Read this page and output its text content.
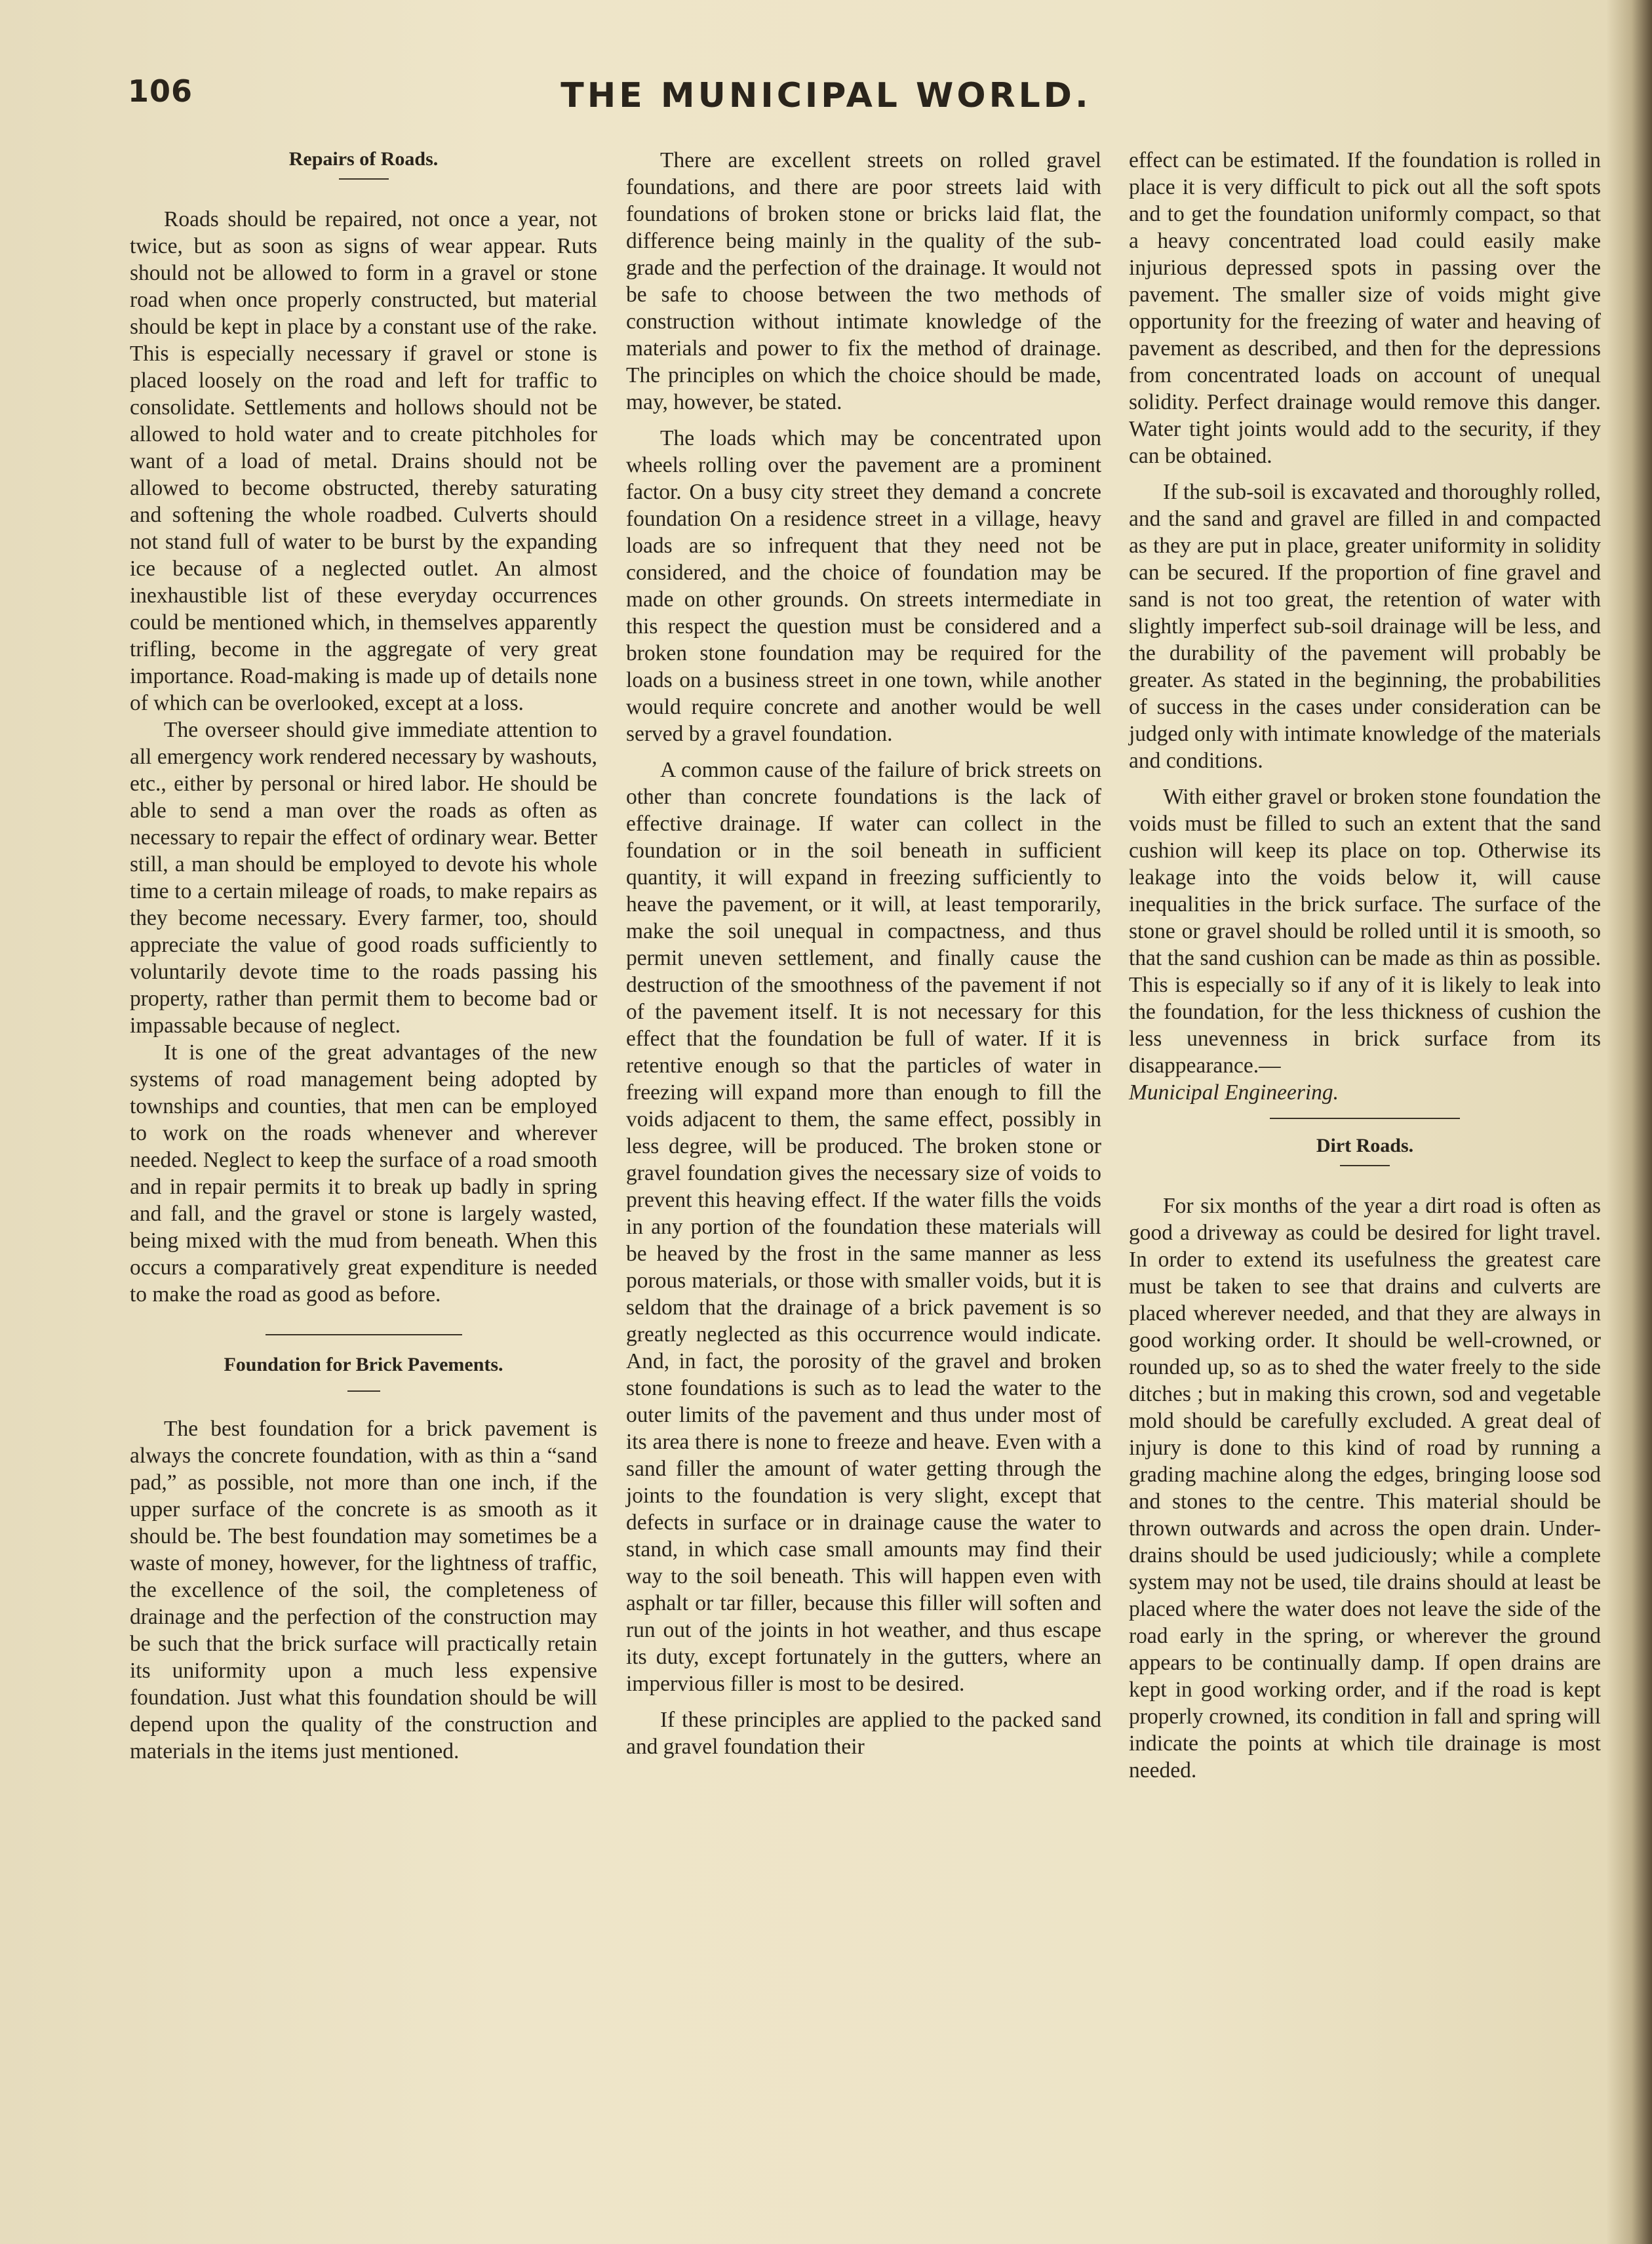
106	THE MUNICIPAL WORLD.
Repairs of Roads.

Roads should be repaired, not once a year, not twice, but as soon as signs of wear appear. Ruts should not be allowed to form in a gravel or stone road when once properly constructed, but material should be kept in place by a constant use of the rake. This is especially necessary if gravel or stone is placed loosely on the road and left for traffic to consolidate. Settlements and hollows should not be allowed to hold water and to create pitchholes for want of a load of metal. Drains should not be allowed to become obstructed, thereby saturating and softening the whole roadbed. Culverts should not stand full of water to be burst by the expanding ice because of a neglected outlet. An almost inexhaustible list of these everyday occurrences could be mentioned which, in themselves apparently trifling, become in the aggregate of very great importance. Road-making is made up of details none of which can be overlooked, except at a loss.

The overseer should give immediate attention to all emergency work rendered necessary by washouts, etc., either by personal or hired labor. He should be able to send a man over the roads as often as necessary to repair the effect of ordinary wear. Better still, a man should be employed to devote his whole time to a certain mileage of roads, to make repairs as they become necessary. Every farmer, too, should appreciate the value of good roads sufficiently to voluntarily devote time to the roads passing his property, rather than permit them to become bad or impassable because of neglect.

It is one of the great advantages of the new systems of road management being adopted by townships and counties, that men can be employed to work on the roads whenever and wherever needed. Neglect to keep the surface of a road smooth and in repair permits it to break up badly in spring and fall, and the gravel or stone is largely wasted, being mixed with the mud from beneath. When this occurs a comparatively great expenditure is needed to make the road as good as before.

Foundation for Brick Pavements.

The best foundation for a brick pavement is always the concrete foundation, with as thin a “sand pad,” as possible, not more than one inch, if the upper surface of the concrete is as smooth as it should be. The best foundation may sometimes be a waste of money, however, for the lightness of traffic, the excellence of the soil, the completeness of drainage and the perfection of the construction may be such that the brick surface will practically retain its uniformity upon a much less expensive foundation. Just what this foundation should be will depend upon the quality of the construction and materials in the items just mentioned.

There are excellent streets on rolled gravel foundations, and there are poor streets laid with foundations of broken stone or bricks laid flat, the difference being mainly in the quality of the sub-grade and the perfection of the drainage. It would not be safe to choose between the two methods of construction without intimate knowledge of the materials and power to fix the method of drainage. The principles on which the choice should be made, may, however, be stated.

The loads which may be concentrated upon wheels rolling over the pavement are a prominent factor. On a busy city street they demand a concrete foundation On a residence street in a village, heavy loads are so infrequent that they need not be considered, and the choice of foundation may be made on other grounds. On streets intermediate in this respect the question must be considered and a broken stone foundation may be required for the loads on a business street in one town, while another would require concrete and another would be well served by a gravel foundation.

A common cause of the failure of brick streets on other than concrete foundations is the lack of effective drainage. If water can collect in the foundation or in the soil beneath in sufficient quantity, it will expand in freezing sufficiently to heave the pavement, or it will, at least temporarily, make the soil unequal in compactness, and thus permit uneven settlement, and finally cause the destruction of the smoothness of the pavement if not of the pavement itself. It is not necessary for this effect that the foundation be full of water. If it is retentive enough so that the particles of water in freezing will expand more than enough to fill the voids adjacent to them, the same effect, possibly in less degree, will be produced. The broken stone or gravel foundation gives the necessary size of voids to prevent this heaving effect. If the water fills the voids in any portion of the foundation these materials will be heaved by the frost in the same manner as less porous materials, or those with smaller voids, but it is seldom that the drainage of a brick pavement is so greatly neglected as this occurrence would indicate. And, in fact, the porosity of the gravel and broken stone foundations is such as to lead the water to the outer limits of the pavement and thus under most of its area there is none to freeze and heave. Even with a sand filler the amount of water getting through the joints to the foundation is very slight, except that defects in surface or in drainage cause the water to stand, in which case small amounts may find their way to the soil beneath. This will happen even with asphalt or tar filler, because this filler will soften and run out of the joints in hot weather, and thus escape its duty, except fortunately in the gutters, where an impervious filler is most to be desired.

If these principles are applied to the packed sand and gravel foundation their

effect can be estimated. If the foundation is rolled in place it is very difficult to pick out all the soft spots and to get the foundation uniformly compact, so that a heavy concentrated load could easily make injurious depressed spots in passing over the pavement. The smaller size of voids might give opportunity for the freezing of water and heaving of pavement as described, and then for the depressions from concentrated loads on account of unequal solidity. Perfect drainage would remove this danger. Water tight joints would add to the security, if they can be obtained.

If the sub-soil is excavated and thoroughly rolled, and the sand and gravel are filled in and compacted as they are put in place, greater uniformity in solidity can be secured. If the proportion of fine gravel and sand is not too great, the retention of water with slightly imperfect sub-soil drainage will be less, and the durability of the pavement will probably be greater. As stated in the beginning, the probabilities of success in the cases under consideration can be judged only with intimate knowledge of the materials and conditions.

With either gravel or broken stone foundation the voids must be filled to such an extent that the sand cushion will keep its place on top. Otherwise its leakage into the voids below it, will cause inequalities in the brick surface. The surface of the stone or gravel should be rolled until it is smooth, so that the sand cushion can be made as thin as possible. This is especially so if any of it is likely to leak into the foundation, for the less thickness of cushion the less unevenness in brick surface from its disappearance.—

Municipal Engineering.

Dirt Roads.

For six months of the year a dirt road is often as good a driveway as could be desired for light travel. In order to extend its usefulness the greatest care must be taken to see that drains and culverts are placed wherever needed, and that they are always in good working order. It should be well-crowned, or rounded up, so as to shed the water freely to the side ditches ; but in making this crown, sod and vegetable mold should be carefully excluded. A great deal of injury is done to this kind of road by running a grading machine along the edges, bringing loose sod and stones to the centre. This material should be thrown outwards and across the open drain. Under-drains should be used judiciously; while a complete system may not be used, tile drains should at least be placed where the water does not leave the side of the road early in the spring, or wherever the ground appears to be continually damp. If open drains are kept in good working order, and if the road is kept properly crowned, its condition in fall and spring will indicate the points at which tile drainage is most needed.
